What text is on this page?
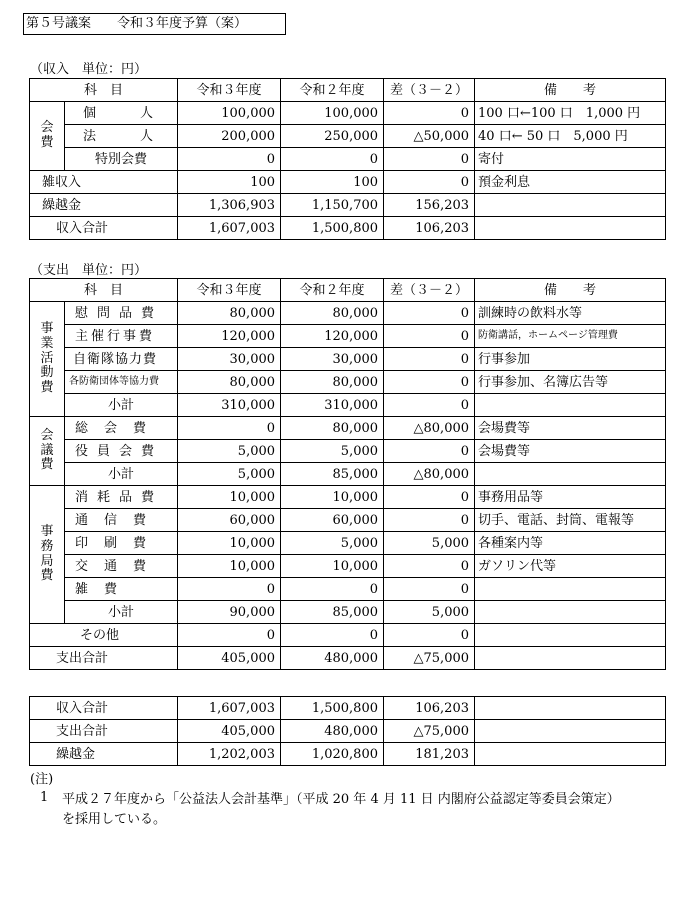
第５号議案　　令和３年度予算（案）
（収入　単位：円）
科　目		令和３年度	令和２年度	差（３－２）	備　　考

会
費	個　　人	100,000	100,000	0	100 口←100 口　1,000 円
	法　　人	200,000	250,000	△50,000	40 口← 50 口　5,000 円
	特別会費	0	0	0	寄付
雑収入		100	100	0	預金利息
繰越金		1,306,903	1,150,700	156,203	
収入合計		1,607,003	1,500,800	106,203	
（支出　単位：円）
科　目		令和３年度	令和２年度	差（３－２）	備　　考

事
業
活
動
費	慰問品費	80,000	80,000	0	訓練時の飲料水等
	主催行事費	120,000	120,000	0	防衛講話，ホームページ管理費
	自衛隊協力費	30,000	30,000	0	行事参加
	各防衛団体等協力費	80,000	80,000	0	行事参加、名簿広告等
	小計	310,000	310,000	0	

会
議
費	総会費	0	80,000	△80,000	会場費等
	役員会費	5,000	5,000	0	会場費等
	小計	5,000	85,000	△80,000	

事
務
局
費	消耗品費	10,000	10,000	0	事務用品等
	通信費	60,000	60,000	0	切手、電話、封筒、電報等
	印刷費	10,000	5,000	5,000	各種案内等
	交通費	10,000	10,000	0	ガソリン代等
	雑費	0	0	0	
	小計	90,000	85,000	5,000	
その他		0	0	0	
支出合計		405,000	480,000	△75,000	
収入合計	1,607,003	1,500,800	106,203	
支出合計	405,000	480,000	△75,000	
繰越金	1,202,003	1,020,800	181,203	
(注)
1 平成２７年度から「公益法人会計基準」（平成 20 年 4 月 11 日 内閣府公益認定等委員会策定）を採用している。
